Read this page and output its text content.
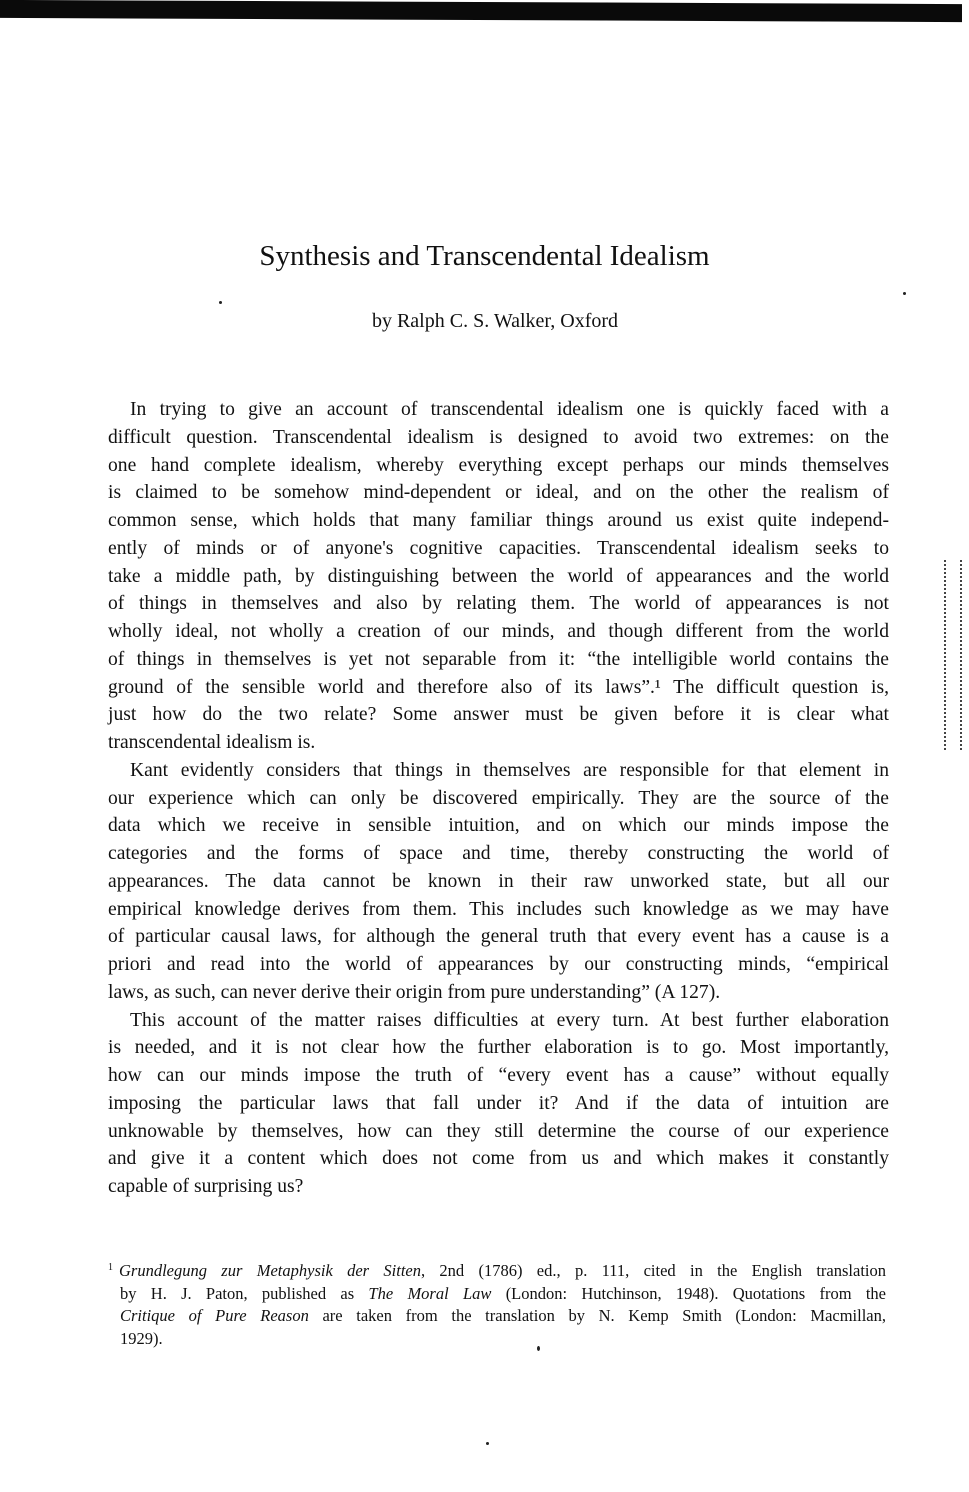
Synthesis and Transcendental Idealism
by Ralph C. S. Walker, Oxford
In trying to give an account of transcendental idealism one is quickly faced with a
difficult question. Transcendental idealism is designed to avoid two extremes: on the
one hand complete idealism, whereby everything except perhaps our minds themselves
is claimed to be somehow mind-dependent or ideal, and on the other the realism of
common sense, which holds that many familiar things around us exist quite independ-
ently of minds or of anyone's cognitive capacities. Transcendental idealism seeks to
take a middle path, by distinguishing between the world of appearances and the world
of things in themselves and also by relating them. The world of appearances is not
wholly ideal, not wholly a creation of our minds, and though different from the world
of things in themselves is yet not separable from it: “the intelligible world contains the
ground of the sensible world and therefore also of its laws”.¹ The difficult question is,
just how do the two relate? Some answer must be given before it is clear what
transcendental idealism is.
Kant evidently considers that things in themselves are responsible for that element in
our experience which can only be discovered empirically. They are the source of the
data which we receive in sensible intuition, and on which our minds impose the
categories and the forms of space and time, thereby constructing the world of
appearances. The data cannot be known in their raw unworked state, but all our
empirical knowledge derives from them. This includes such knowledge as we may have
of particular causal laws, for although the general truth that every event has a cause is a
priori and read into the world of appearances by our constructing minds, “empirical
laws, as such, can never derive their origin from pure understanding” (A 127).
This account of the matter raises difficulties at every turn. At best further elaboration
is needed, and it is not clear how the further elaboration is to go. Most importantly,
how can our minds impose the truth of “every event has a cause” without equally
imposing the particular laws that fall under it? And if the data of intuition are
unknowable by themselves, how can they still determine the course of our experience
and give it a content which does not come from us and which makes it constantly
capable of surprising us?
$^1$ Grundlegung zur Metaphysik der Sitten, 2nd (1786) ed., p. 111, cited in the English translation
by H. J. Paton, published as The Moral Law (London: Hutchinson, 1948). Quotations from the
Critique of Pure Reason are taken from the translation by N. Kemp Smith (London: Macmillan,
1929).
